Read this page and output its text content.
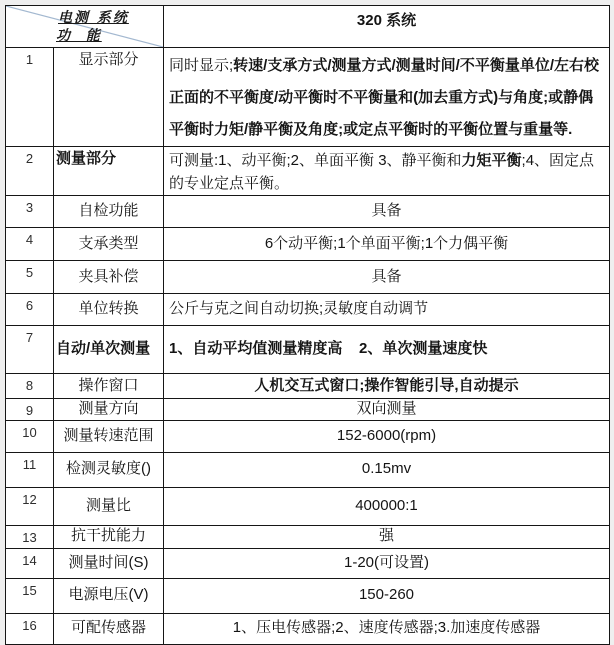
电测 系统
功  能		320 系统
1	显示部分	同时显示;转速/支承方式/测量方式/测量时间/不平衡量单位/左右校正面的不平衡度/动平衡时不平衡量和(加去重方式)与角度;或静偶平衡时力矩/静平衡及角度;或定点平衡时的平衡位置与重量等.
2	测量部分	可测量:1、动平衡;2、单面平衡 3、静平衡和力矩平衡;4、固定点的专业定点平衡。
3	自检功能	具备
4	支承类型	6个动平衡;1个单面平衡;1个力偶平衡
5	夹具补偿	具备
6	单位转换	公斤与克之间自动切换;灵敏度自动调节
7	自动/单次测量	1、自动平均值测量精度高    2、单次测量速度快
8	操作窗口	人机交互式窗口;操作智能引导,自动提示
9	测量方向	双向测量
10	测量转速范围	152-6000(rpm)
11	检测灵敏度()	0.15mv
12	测量比	400000:1
13	抗干扰能力	强
14	测量时间(S)	1-20(可设置)
15	电源电压(V)	150-260
16	可配传感器	1、压电传感器;2、速度传感器;3.加速度传感器
